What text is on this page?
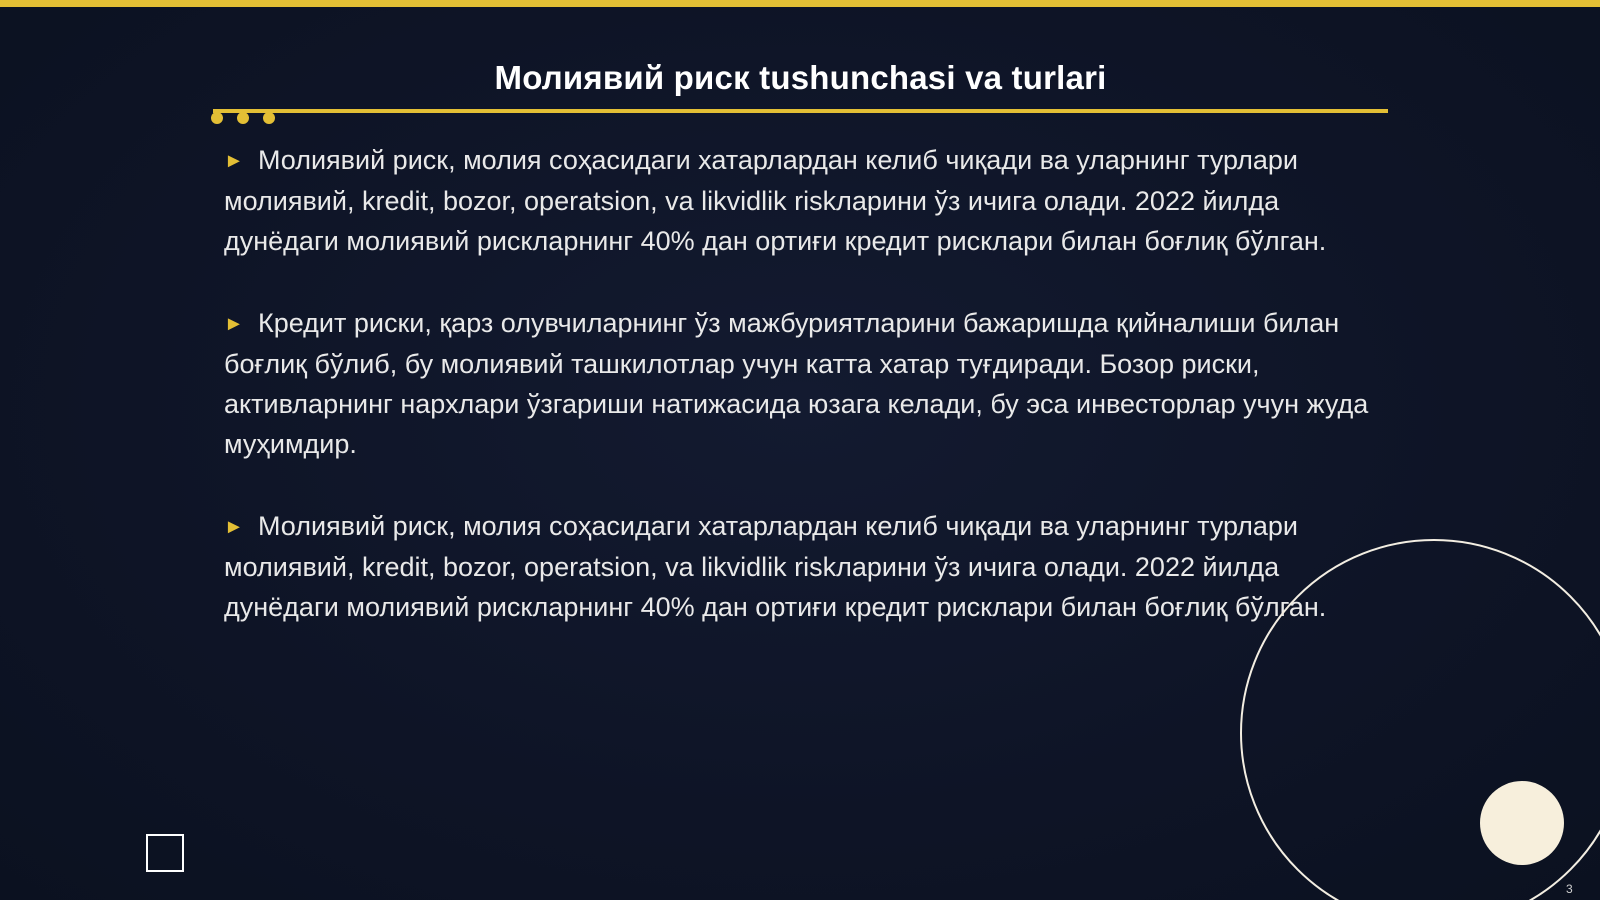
Молиявий риск tushunchasi va turlari

► Молиявий риск, молия соҳасидаги хатарлардан келиб чиқади ва уларнинг турлари молиявий, kredit, bozor, operatsion, va likvidlik riskларини ўз ичига олади. 2022 йилда дунёдаги молиявий рискларнинг 40% дан ортиғи кредит рисклари билан боғлиқ бўлган.

► Кредит риски, қарз олувчиларнинг ўз мажбуриятларини бажаришда қийналиши билан боғлиқ бўлиб, бу молиявий ташкилотлар учун катта хатар туғдиради. Бозор риски, активларнинг нархлари ўзгариши натижасида юзага келади, бу эса инвесторлар учун жуда муҳимдир.

► Молиявий риск, молия соҳасидаги хатарлардан келиб чиқади ва уларнинг турлари молиявий, kredit, bozor, operatsion, va likvidlik riskларини ўз ичига олади. 2022 йилда дунёдаги молиявий рискларнинг 40% дан ортиғи кредит рисклари билан боғлиқ бўлган.

3
